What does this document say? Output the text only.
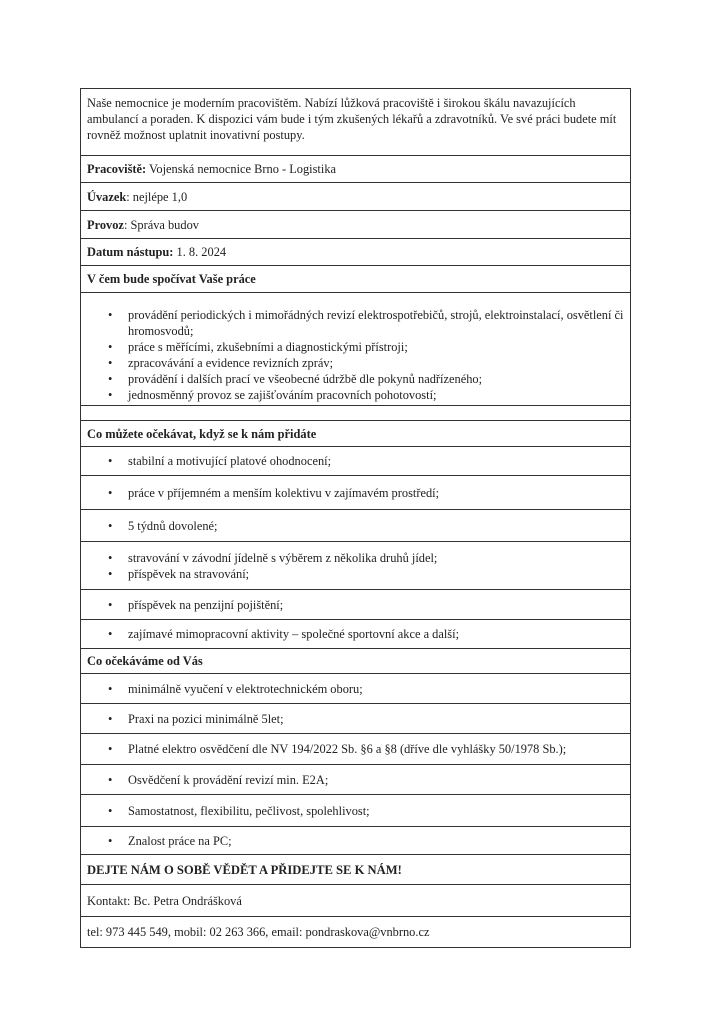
Naše nemocnice je moderním pracovištěm. Nabízí lůžková pracoviště i širokou škálu navazujících ambulancí a poraden. K dispozici vám bude i tým zkušených lékařů a zdravotníků. Ve své práci budete mít rovněž možnost uplatnit inovativní postupy.
Pracoviště: Vojenská nemocnice Brno - Logistika
Úvazek : nejlépe 1,0
Provoz : Správa budov
Datum nástupu: 1. 8. 2024
V čem bude spočívat Vaše práce
• provádění periodických i mimořádných revizí elektrospotřebičů, strojů, elektroinstalací, osvětlení či hromosvodů;
• práce s měřícími, zkušebními a diagnostickými přístroji;
• zpracovávání a evidence revizních zpráv;
• provádění i dalších prací ve všeobecné údržbě dle pokynů nadřízeného;
• jednosměnný provoz se zajišťováním pracovních pohotovostí;
Co můžete očekávat, když se k nám přidáte
• stabilní a motivující platové ohodnocení;
• práce v příjemném a menším kolektivu v zajímavém prostředí;
• 5 týdnů dovolené;
• stravování v závodní jídelně s výběrem z několika druhů jídel;
• příspěvek na stravování;
• příspěvek na penzijní pojištění;
• zajímavé mimopracovní aktivity – společné sportovní akce a další;
Co očekáváme od Vás
• minimálně vyučení v elektrotechnickém oboru;
• Praxi na pozici minimálně 5let;
• Platné elektro osvědčení dle NV 194/2022 Sb. §6 a §8 (dříve dle vyhlášky 50/1978 Sb.);
• Osvědčení k provádění revizí min. E2A;
• Samostatnost, flexibilitu, pečlivost, spolehlivost;
• Znalost práce na PC;
DEJTE NÁM O SOBĚ VĚDĚT A PŘIDEJTE SE K NÁM!
Kontakt: Bc. Petra Ondrášková
tel: 973 445 549, mobil: 02 263 366, email: pondraskova@vnbrno.cz
